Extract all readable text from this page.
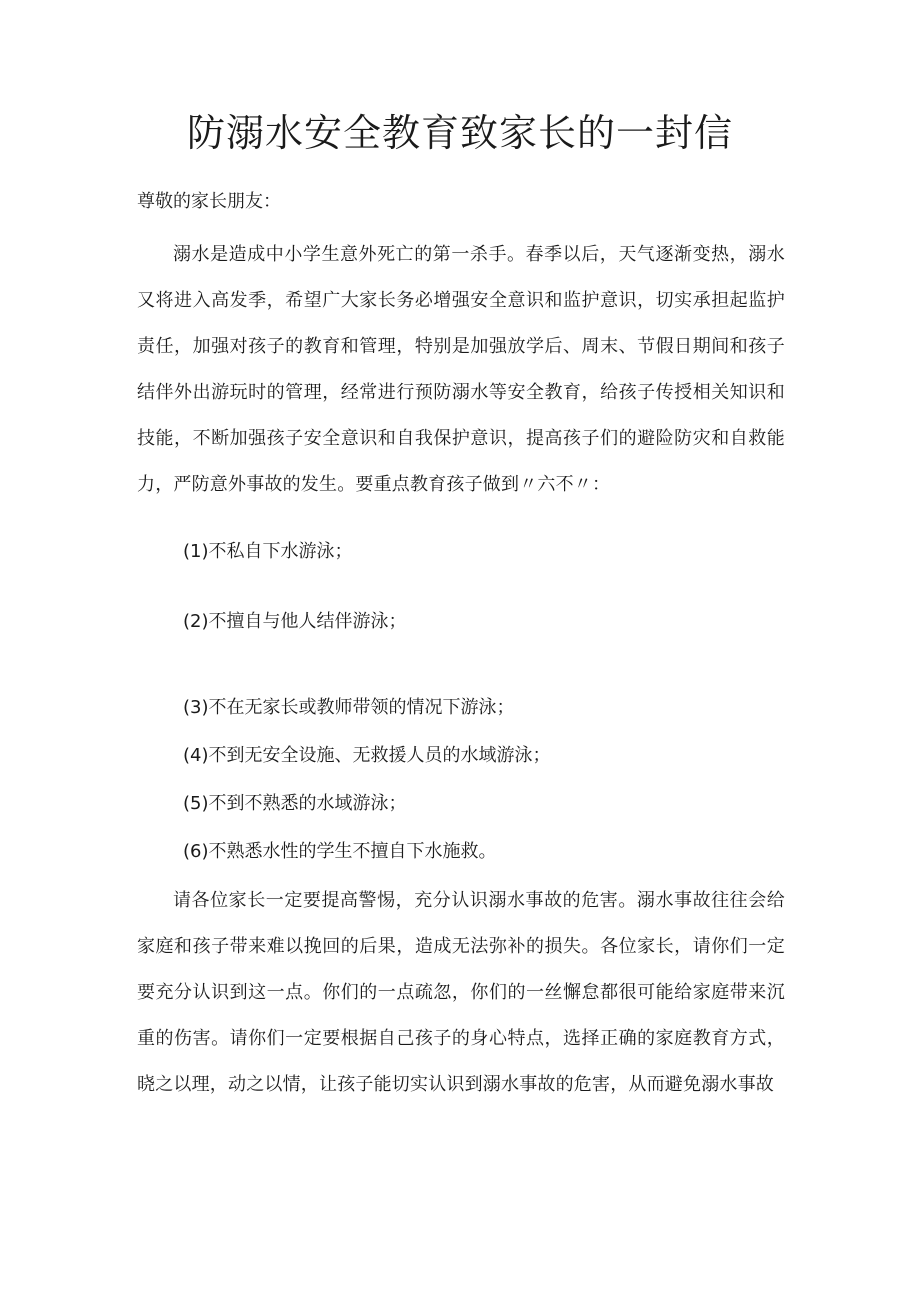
防溺水安全教育致家长的一封信

尊敬的家长朋友：

溺水是造成中小学生意外死亡的第一杀手。春季以后，天气逐渐变热，溺水又将进入高发季，希望广大家长务必增强安全意识和监护意识，切实承担起监护责任，加强对孩子的教育和管理，特别是加强放学后、周末、节假日期间和孩子结伴外出游玩时的管理，经常进行预防溺水等安全教育，给孩子传授相关知识和技能，不断加强孩子安全意识和自我保护意识，提高孩子们的避险防灾和自救能力，严防意外事故的发生。要重点教育孩子做到〃六不〃：

(1)不私自下水游泳；

(2)不擅自与他人结伴游泳；

(3)不在无家长或教师带领的情况下游泳；

(4)不到无安全设施、无救援人员的水域游泳；

(5)不到不熟悉的水域游泳；

(6)不熟悉水性的学生不擅自下水施救。

请各位家长一定要提高警惕，充分认识溺水事故的危害。溺水事故往往会给家庭和孩子带来难以挽回的后果，造成无法弥补的损失。各位家长，请你们一定要充分认识到这一点。你们的一点疏忽，你们的一丝懈怠都很可能给家庭带来沉重的伤害。请你们一定要根据自己孩子的身心特点，选择正确的家庭教育方式，晓之以理，动之以情，让孩子能切实认识到溺水事故的危害，从而避免溺水事故
